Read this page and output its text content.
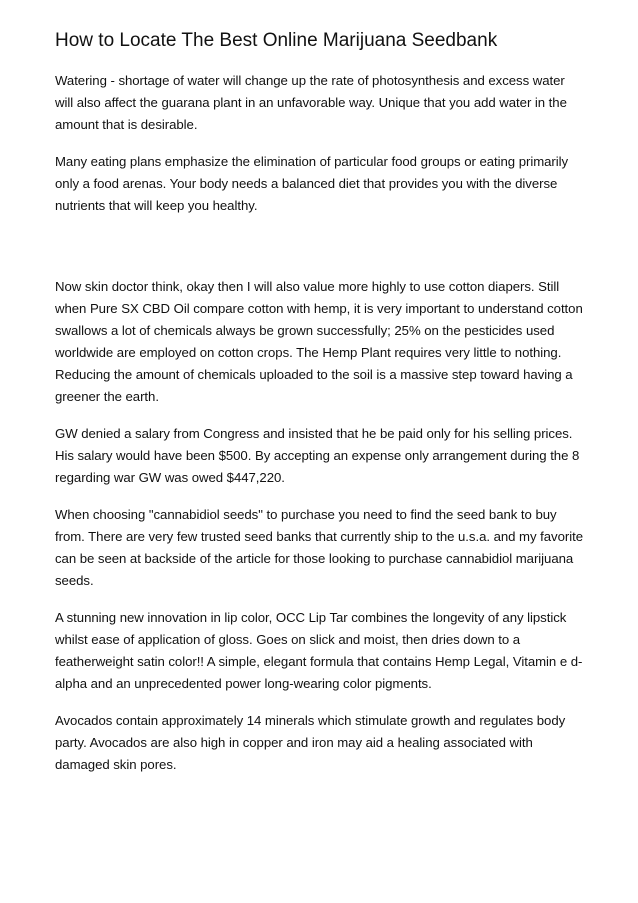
How to Locate The Best Online Marijuana Seedbank

Watering - shortage of water will change up the rate of photosynthesis and excess water will also affect the guarana plant in an unfavorable way. Unique that you add water in the amount that is desirable.

Many eating plans emphasize the elimination of particular food groups or eating primarily only a food arenas. Your body needs a balanced diet that provides you with the diverse nutrients that will keep you healthy.

Now skin doctor think, okay then I will also value more highly to use cotton diapers. Still when Pure SX CBD Oil compare cotton with hemp, it is very important to understand cotton swallows a lot of chemicals always be grown successfully; 25% on the pesticides used worldwide are employed on cotton crops. The Hemp Plant requires very little to nothing. Reducing the amount of chemicals uploaded to the soil is a massive step toward having a greener the earth.

GW denied a salary from Congress and insisted that he be paid only for his selling prices. His salary would have been $500. By accepting an expense only arrangement during the 8 regarding war GW was owed $447,220.

When choosing "cannabidiol seeds" to purchase you need to find the seed bank to buy from. There are very few trusted seed banks that currently ship to the u.s.a. and my favorite can be seen at backside of the article for those looking to purchase cannabidiol marijuana seeds.

A stunning new innovation in lip color, OCC Lip Tar combines the longevity of any lipstick whilst ease of application of gloss. Goes on slick and moist, then dries down to a featherweight satin color!! A simple, elegant formula that contains Hemp Legal, Vitamin e d-alpha and an unprecedented power long-wearing color pigments.

Avocados contain approximately 14 minerals which stimulate growth and regulates body party. Avocados are also high in copper and iron may aid a healing associated with damaged skin pores.
